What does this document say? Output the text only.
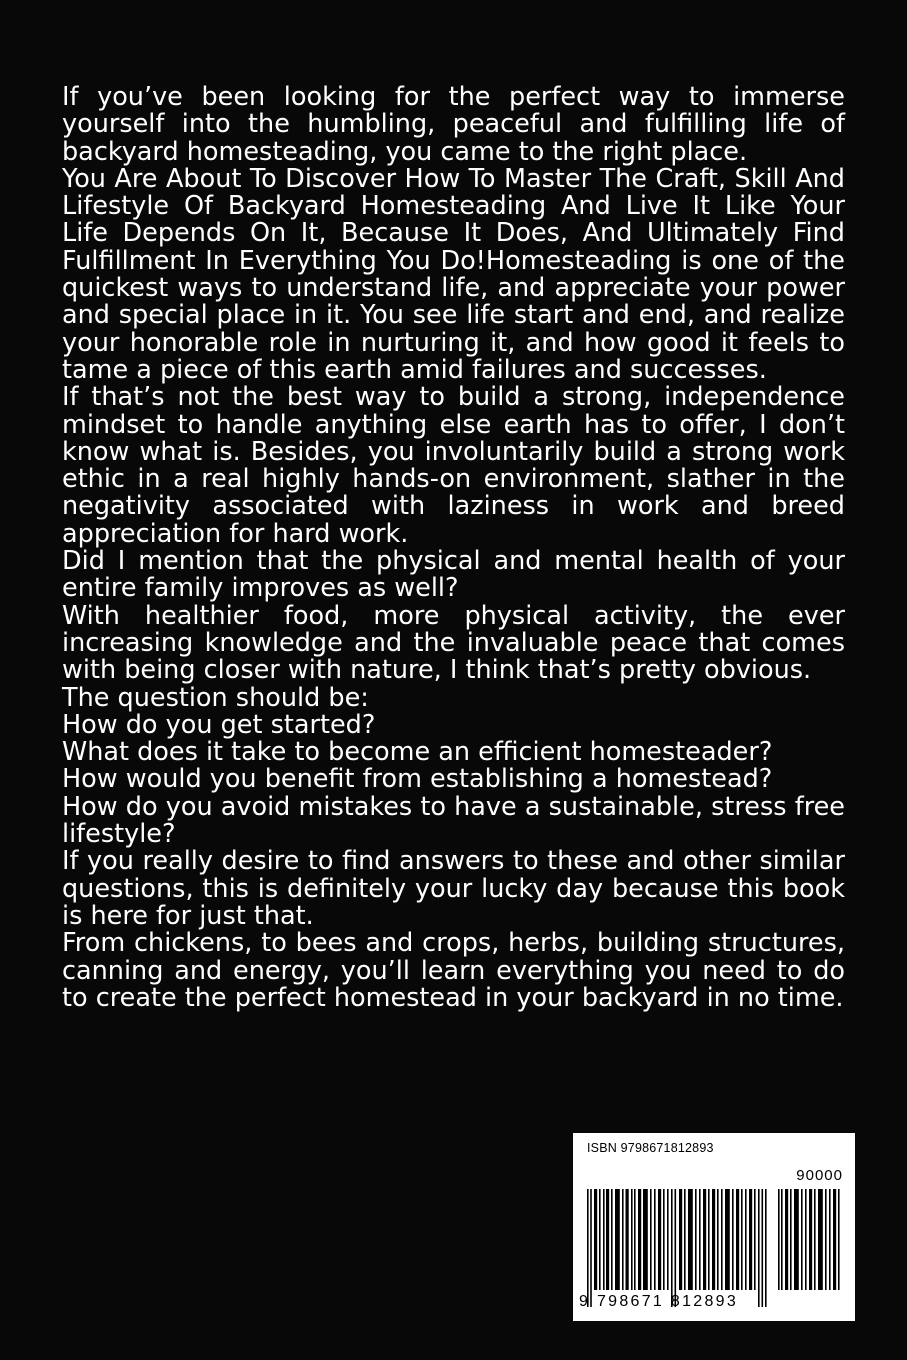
If you’ve been looking for the perfect way to immerse yourself into the humbling, peaceful and fulfilling life of backyard homesteading, you came to the right place.

You Are About To Discover How To Master The Craft, Skill And Lifestyle Of Backyard Homesteading And Live It Like Your Life Depends On It, Because It Does, And Ultimately Find Fulfillment In Everything You Do!Homesteading is one of the quickest ways to understand life, and appreciate your power and special place in it. You see life start and end, and realize your honorable role in nurturing it, and how good it feels to tame a piece of this earth amid failures and successes.

If that’s not the best way to build a strong, independence mindset to handle anything else earth has to offer, I don’t know what is. Besides, you involuntarily build a strong work ethic in a real highly hands-on environment, slather in the negativity associated with laziness in work and breed appreciation for hard work.

Did I mention that the physical and mental health of your entire family improves as well?

With healthier food, more physical activity, the ever increasing knowledge and the invaluable peace that comes with being closer with nature, I think that’s pretty obvious.

The question should be:

How do you get started?

What does it take to become an efficient homesteader?

How would you benefit from establishing a homestead?

How do you avoid mistakes to have a sustainable, stress free lifestyle?

If you really desire to find answers to these and other similar questions, this is definitely your lucky day because this book is here for just that.

From chickens, to bees and crops, herbs, building structures, canning and energy, you’ll learn everything you need to do to create the perfect homestead in your backyard in no time.

ISBN 9798671812893
90000
9 798671 812893
